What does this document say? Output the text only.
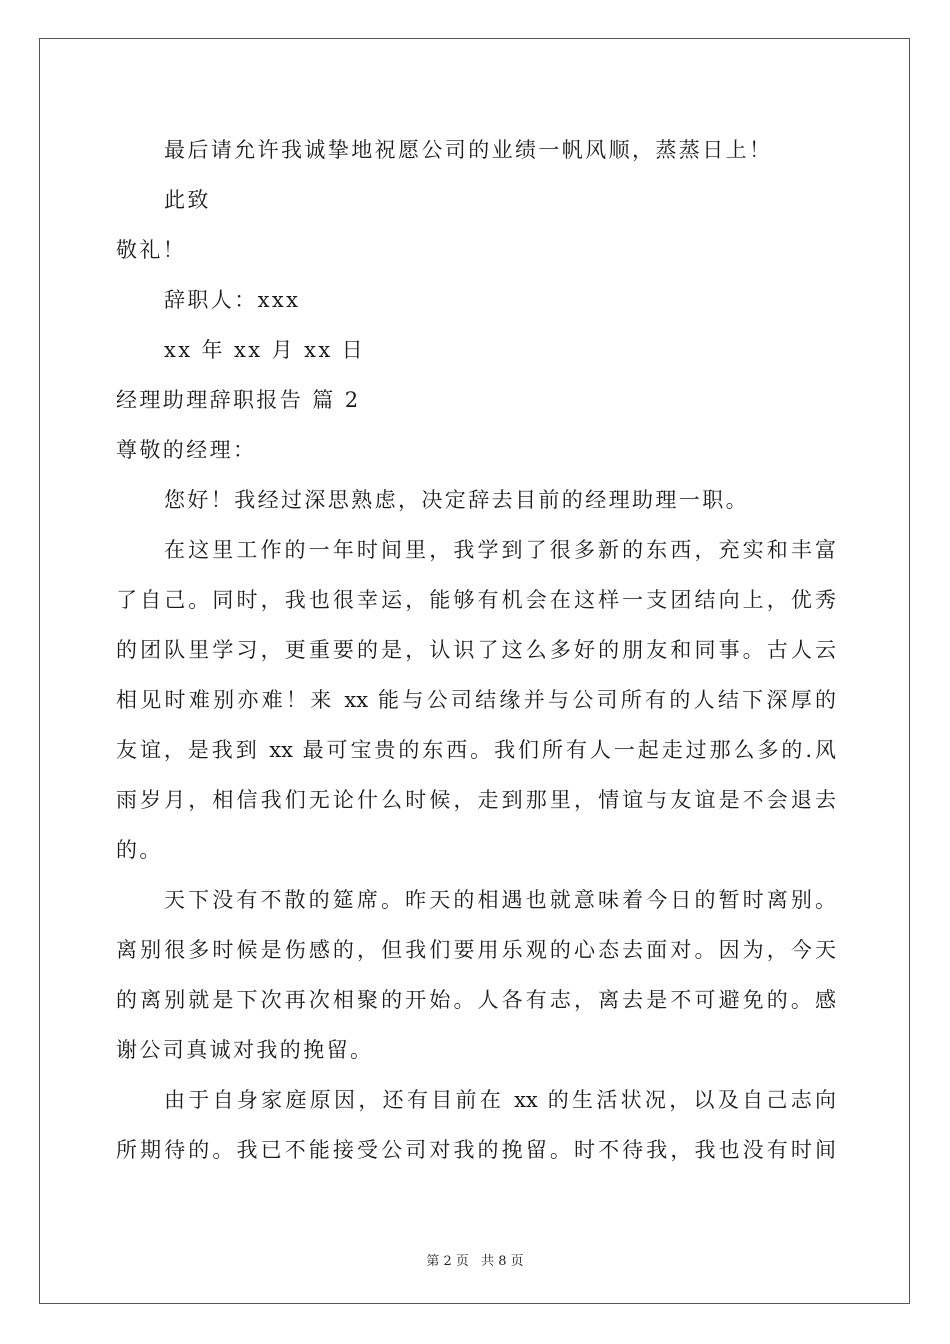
最后请允许我诚挚地祝愿公司的业绩一帆风顺，蒸蒸日上！
此致
敬礼！
辞职人：xxx
xx 年 xx 月 xx 日
经理助理辞职报告 篇 2
尊敬的经理：
您好！我经过深思熟虑，决定辞去目前的经理助理一职。
在这里工作的一年时间里，我学到了很多新的东西，充实和丰富
了自己。同时，我也很幸运，能够有机会在这样一支团结向上，优秀
的团队里学习，更重要的是，认识了这么多好的朋友和同事。古人云
相见时难别亦难！来 xx 能与公司结缘并与公司所有的人结下深厚的
友谊，是我到 xx 最可宝贵的东西。我们所有人一起走过那么多的.风
雨岁月，相信我们无论什么时候，走到那里，情谊与友谊是不会退去
的。
天下没有不散的筵席。昨天的相遇也就意味着今日的暂时离别。
离别很多时候是伤感的，但我们要用乐观的心态去面对。因为，今天
的离别就是下次再次相聚的开始。人各有志，离去是不可避免的。感
谢公司真诚对我的挽留。
由于自身家庭原因，还有目前在 xx 的生活状况，以及自己志向
所期待的。我已不能接受公司对我的挽留。时不待我，我也没有时间
第 2 页 共 8 页
